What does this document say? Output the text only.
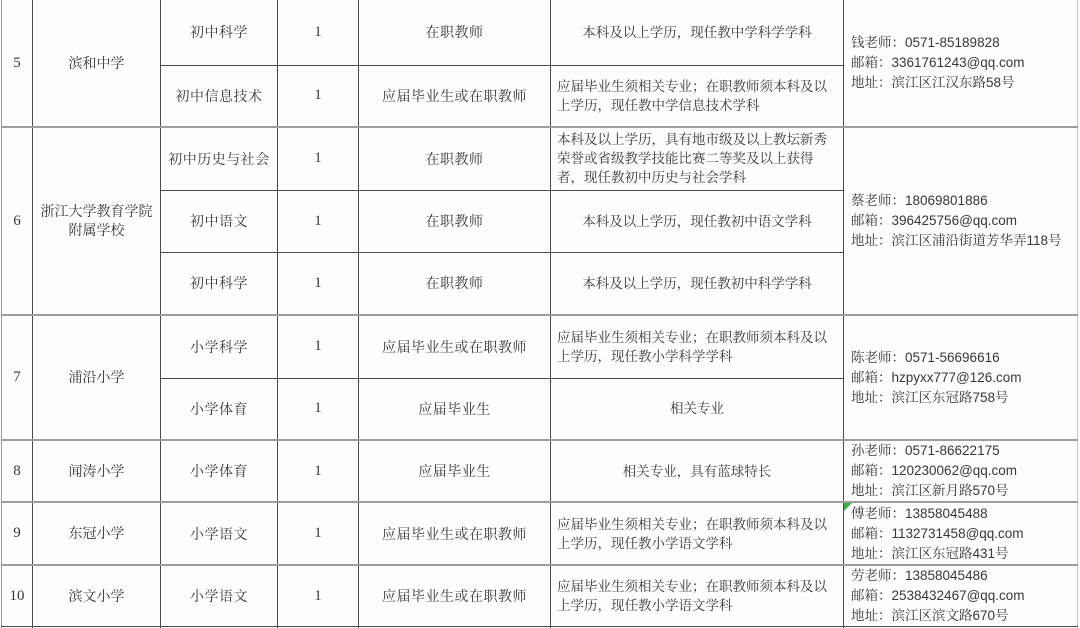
5	滨和中学	初中科学	1	在职教师	本科及以上学历，现任教中学科学学科	钱老师：0571-85189828
邮箱：3361761243@qq.com
地址：滨江区江汉东路58号

		初中信息技术	1	应届毕业生或在职教师	应届毕业生须相关专业；在职教师须本科及以上学历，现任教中学信息技术学科	
6	浙江大学教育学院附属学校	初中历史与社会	1	在职教师	本科及以上学历，具有地市级及以上教坛新秀荣誉或省级教学技能比赛二等奖及以上获得者，现任教初中历史与社会学科	蔡老师：18069801886
邮箱：396425756@qq.com
地址：滨江区浦沿街道芳华弄118号

		初中语文	1	在职教师	本科及以上学历，现任教初中语文学科	
		初中科学	1	在职教师	本科及以上学历，现任教初中科学学科	
7	浦沿小学	小学科学	1	应届毕业生或在职教师	应届毕业生须相关专业；在职教师须本科及以上学历，现任教小学科学学科	陈老师：0571-56696616
邮箱：hzpyxx777@126.com
地址：滨江区东冠路758号

		小学体育	1	应届毕业生	相关专业	
8	闻涛小学	小学体育	1	应届毕业生	相关专业，具有蓝球特长	孙老师：0571-86622175
邮箱：120230062@qq.com
地址：滨江区新月路570号

9	东冠小学	小学语文	1	应届毕业生或在职教师	应届毕业生须相关专业；在职教师须本科及以上学历，现任教小学语文学科	傅老师：13858045488
邮箱：1132731458@qq.com
地址：滨江区东冠路431号

10	滨文小学	小学语文	1	应届毕业生或在职教师	应届毕业生须相关专业；在职教师须本科及以上学历，现任教小学语文学科	劳老师：13858045486
邮箱：2538432467@qq.com
地址：滨江区滨文路670号
